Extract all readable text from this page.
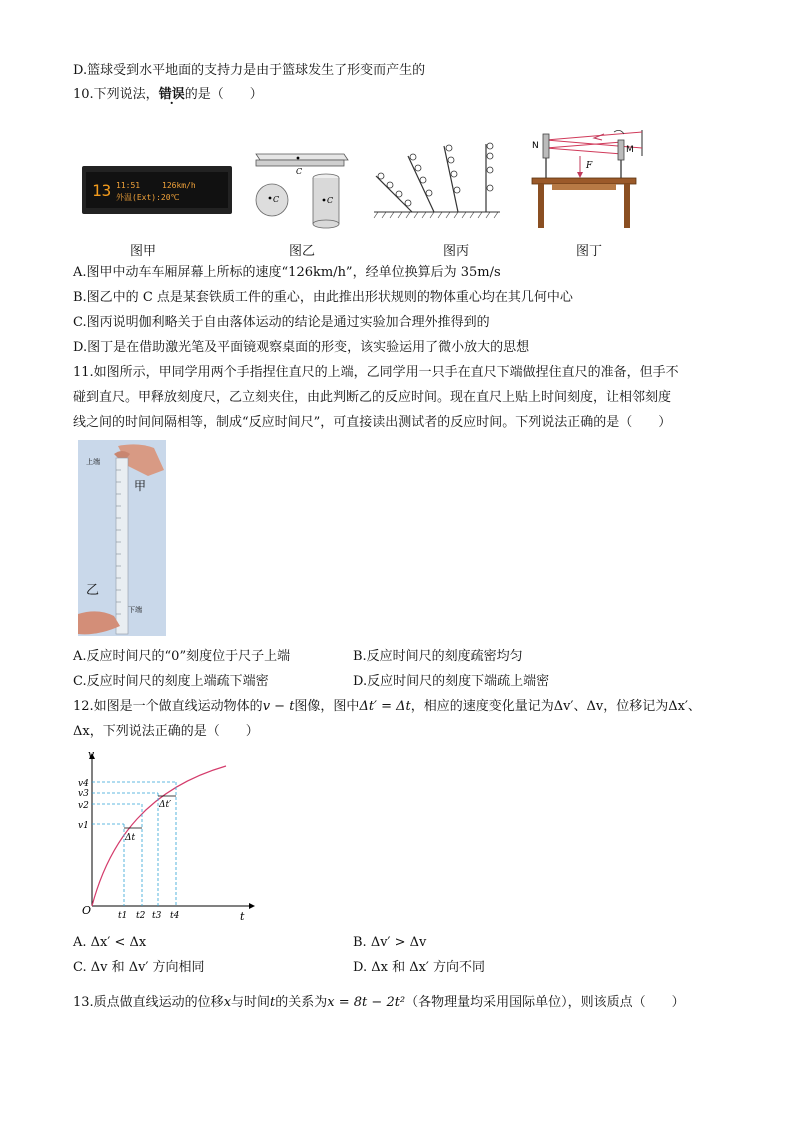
D.篮球受到水平地面的支持力是由于篮球发生了形变而产生的
10.下列说法，错误的是（　　）
13 11:51	126km/h
外温(Ext):20℃
C
C	C
N	M
F
图甲	图乙	图丙	图丁
A.图甲中动车车厢屏幕上所标的速度“126km/h”，经单位换算后为 35m/s
B.图乙中的 C 点是某套铁质工件的重心，由此推出形状规则的物体重心均在其几何中心
C.图丙说明伽利略关于自由落体运动的结论是通过实验加合理外推得到的
D.图丁是在借助激光笔及平面镜观察桌面的形变，该实验运用了微小放大的思想
11.如图所示，甲同学用两个手指捏住直尺的上端，乙同学用一只手在直尺下端做捏住直尺的准备，但手不
碰到直尺。甲释放刻度尺，乙立刻夹住，由此判断乙的反应时间。现在直尺上贴上时间刻度，让相邻刻度
线之间的时间间隔相等，制成“反应时间尺”，可直接读出测试者的反应时间。下列说法正确的是（　　）
上端
甲
乙
下端
A.反应时间尺的“0”刻度位于尺子上端	B.反应时间尺的刻度疏密均匀
C.反应时间尺的刻度上端疏下端密	D.反应时间尺的刻度下端疏上端密
12.如图是一个做直线运动物体的v − t图像，图中Δt′ = Δt，相应的速度变化量记为Δv′、Δv，位移记为Δx′、
Δx，下列说法正确的是（　　）
v
t
O
Δt
Δt′
v4
v3
v2
v1
t1 t2 t3 t4
A. Δx′ < Δx	B. Δv′ > Δv
C. Δv 和 Δv′ 方向相同	D. Δx 和 Δx′ 方向不同
13.质点做直线运动的位移x与时间t的关系为x = 8t − 2t²（各物理量均采用国际单位），则该质点（　　）
